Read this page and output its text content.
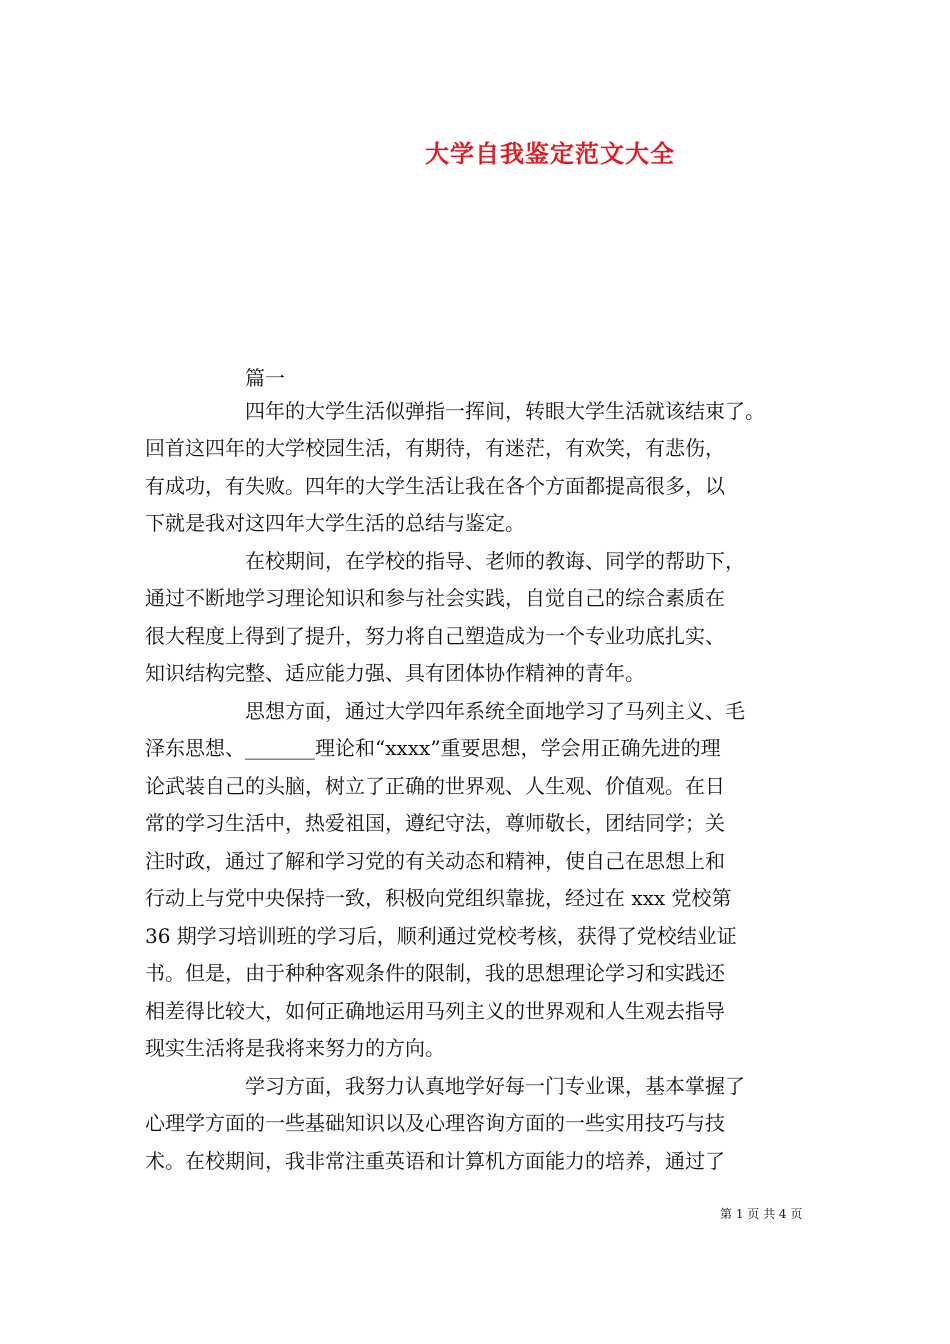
大学自我鉴定范文大全
篇一
　　　　　四年的大学生活似弹指一挥间，转眼大学生活就该结束了。
回首这四年的大学校园生活，有期待，有迷茫，有欢笑，有悲伤，
有成功，有失败。四年的大学生活让我在各个方面都提高很多，以
下就是我对这四年大学生活的总结与鉴定。
　　　　　在校期间，在学校的指导、老师的教诲、同学的帮助下，
通过不断地学习理论知识和参与社会实践，自觉自己的综合素质在
很大程度上得到了提升，努力将自己塑造成为一个专业功底扎实、
知识结构完整、适应能力强、具有团体协作精神的青年。
　　　　　思想方面，通过大学四年系统全面地学习了马列主义、毛
泽东思想、_______理论和“xxxx”重要思想，学会用正确先进的理
论武装自己的头脑，树立了正确的世界观、人生观、价值观。在日
常的学习生活中，热爱祖国，遵纪守法，尊师敬长，团结同学；关
注时政，通过了解和学习党的有关动态和精神，使自己在思想上和
行动上与党中央保持一致，积极向党组织靠拢，经过在 xxx 党校第
36 期学习培训班的学习后，顺利通过党校考核，获得了党校结业证
书。但是，由于种种客观条件的限制，我的思想理论学习和实践还
相差得比较大，如何正确地运用马列主义的世界观和人生观去指导
现实生活将是我将来努力的方向。
　　　　　学习方面，我努力认真地学好每一门专业课，基本掌握了
心理学方面的一些基础知识以及心理咨询方面的一些实用技巧与技
术。在校期间，我非常注重英语和计算机方面能力的培养，通过了
第 1 页 共 4 页
